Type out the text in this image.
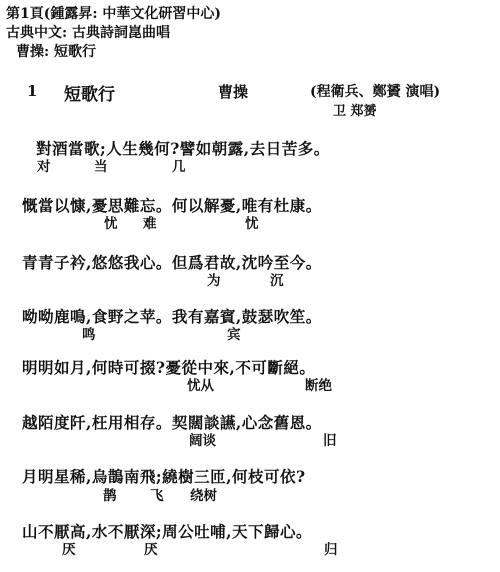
第1頁(鍾露昇: 中華文化研習中心)
古典中文: 古典詩詞崑曲唱
曹操: 短歌行
1 短歌行	曹操	(程衛兵、鄭贇 演唱)
卫 郑赟
對酒當歌;人生幾何?譬如朝露,去日苦多。
对	当	几
慨當以慷,憂思難忘。何以解憂,唯有杜康。
忧 难	忧
青青子衿,悠悠我心。但爲君故,沈吟至今。
为	沉
呦呦鹿鳴,食野之苹。我有嘉賓,鼓瑟吹笙。
鸣	宾
明明如月,何時可掇?憂從中來,不可斷絕。
忧从	断绝
越陌度阡,枉用相存。契闊談讌,心念舊恩。
阔谈	旧
月明星稀,烏鵲南飛;繞樹三匝,何枝可依?
鹊 飞 绕树
山不厭高,水不厭深;周公吐哺,天下歸心。
厌	厌	归
